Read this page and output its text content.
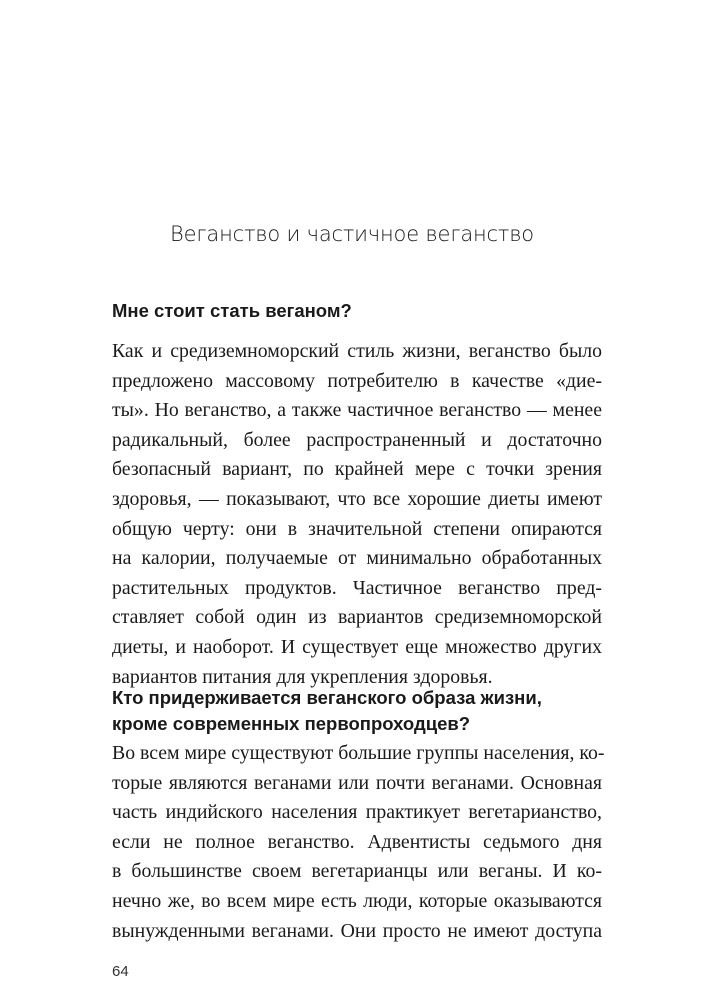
Веганство и частичное веганство
Мне стоит стать веганом?

Как и средиземноморский стиль жизни, веганство было
предложено массовому потребителю в качестве «дие-
ты». Но веганство, а также частичное веганство — менее
радикальный, более распространенный и достаточно
безопасный вариант, по крайней мере с точки зрения
здоровья, — показывают, что все хорошие диеты имеют
общую черту: они в значительной степени опираются
на калории, получаемые от минимально обработанных
растительных продуктов. Частичное веганство пред-
ставляет собой один из вариантов средиземноморской
диеты, и наоборот. И существует еще множество других
вариантов питания для укрепления здоровья.

Кто придерживается веганского образа жизни,
кроме современных первопроходцев?

Во всем мире существуют большие группы населения, ко-
торые являются веганами или почти веганами. Основная
часть индийского населения практикует вегетарианство,
если не полное веганство. Адвентисты седьмого дня
в большинстве своем вегетарианцы или веганы. И ко-
нечно же, во всем мире есть люди, которые оказываются
вынужденными веганами. Они просто не имеют доступа

64
